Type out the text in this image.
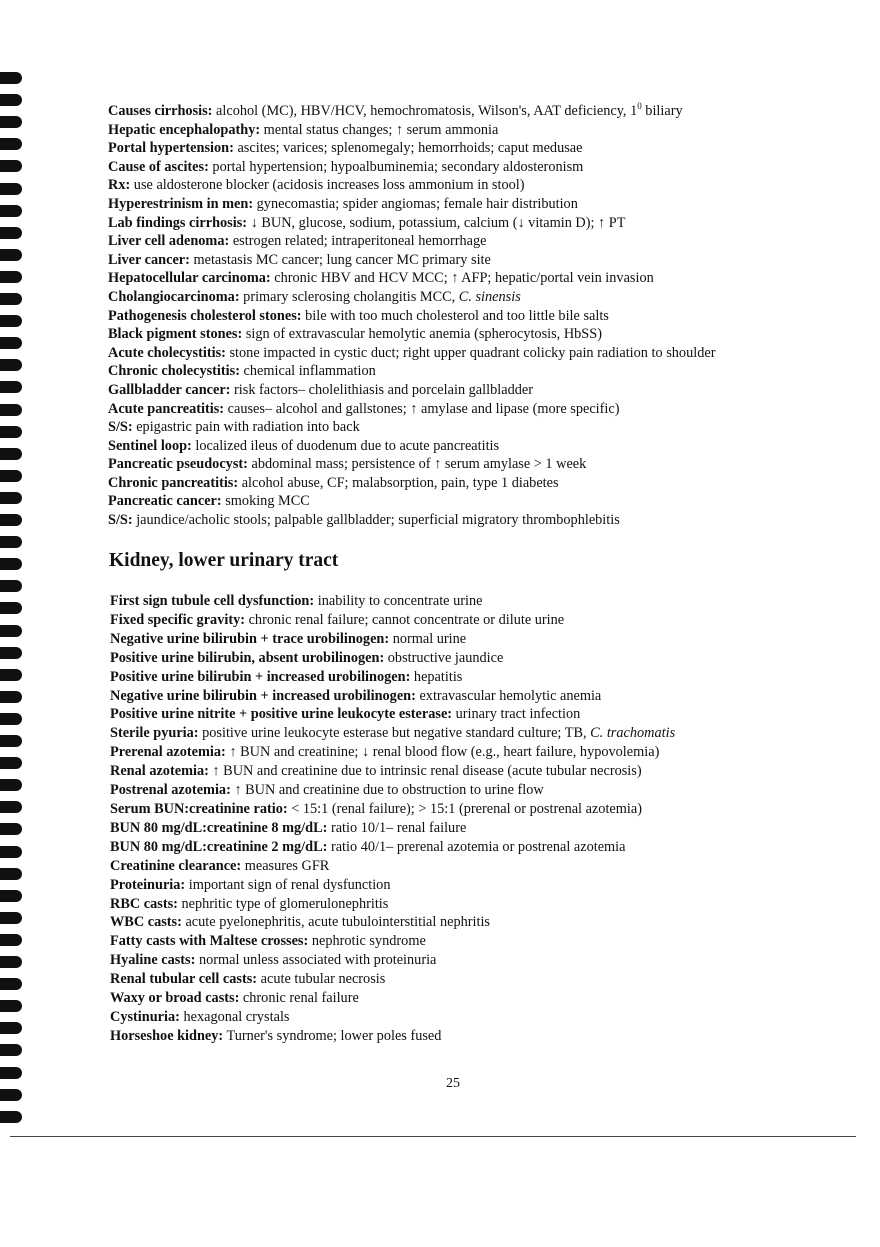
Causes cirrhosis: alcohol (MC), HBV/HCV, hemochromatosis, Wilson's, AAT deficiency, $1^0$ biliary
Hepatic encephalopathy: mental status changes; ↑ serum ammonia
Portal hypertension: ascites; varices; splenomegaly; hemorrhoids; caput medusae
Cause of ascites: portal hypertension; hypoalbuminemia; secondary aldosteronism
Rx: use aldosterone blocker (acidosis increases loss ammonium in stool)
Hyperestrinism in men: gynecomastia; spider angiomas; female hair distribution
Lab findings cirrhosis: ↓ BUN, glucose, sodium, potassium, calcium (↓ vitamin D); ↑ PT
Liver cell adenoma: estrogen related; intraperitoneal hemorrhage
Liver cancer: metastasis MC cancer; lung cancer MC primary site
Hepatocellular carcinoma: chronic HBV and HCV MCC; ↑ AFP; hepatic/portal vein invasion
Cholangiocarcinoma: primary sclerosing cholangitis MCC, C. sinensis
Pathogenesis cholesterol stones: bile with too much cholesterol and too little bile salts
Black pigment stones: sign of extravascular hemolytic anemia (spherocytosis, HbSS)
Acute cholecystitis: stone impacted in cystic duct; right upper quadrant colicky pain radiation to shoulder
Chronic cholecystitis: chemical inflammation
Gallbladder cancer: risk factors– cholelithiasis and porcelain gallbladder
Acute pancreatitis: causes– alcohol and gallstones; ↑ amylase and lipase (more specific)
S/S: epigastric pain with radiation into back
Sentinel loop: localized ileus of duodenum due to acute pancreatitis
Pancreatic pseudocyst: abdominal mass; persistence of ↑ serum amylase > 1 week
Chronic pancreatitis: alcohol abuse, CF; malabsorption, pain, type 1 diabetes
Pancreatic cancer: smoking MCC
S/S: jaundice/acholic stools; palpable gallbladder; superficial migratory thrombophlebitis
Kidney, lower urinary tract
First sign tubule cell dysfunction: inability to concentrate urine
Fixed specific gravity: chronic renal failure; cannot concentrate or dilute urine
Negative urine bilirubin + trace urobilinogen: normal urine
Positive urine bilirubin, absent urobilinogen: obstructive jaundice
Positive urine bilirubin + increased urobilinogen: hepatitis
Negative urine bilirubin + increased urobilinogen: extravascular hemolytic anemia
Positive urine nitrite + positive urine leukocyte esterase: urinary tract infection
Sterile pyuria: positive urine leukocyte esterase but negative standard culture; TB, C. trachomatis
Prerenal azotemia: ↑ BUN and creatinine; ↓ renal blood flow (e.g., heart failure, hypovolemia)
Renal azotemia: ↑ BUN and creatinine due to intrinsic renal disease (acute tubular necrosis)
Postrenal azotemia: ↑ BUN and creatinine due to obstruction to urine flow
Serum BUN:creatinine ratio: < 15:1 (renal failure); > 15:1 (prerenal or postrenal azotemia)
BUN 80 mg/dL:creatinine 8 mg/dL: ratio 10/1– renal failure
BUN 80 mg/dL:creatinine 2 mg/dL: ratio 40/1– prerenal azotemia or postrenal azotemia
Creatinine clearance: measures GFR
Proteinuria: important sign of renal dysfunction
RBC casts: nephritic type of glomerulonephritis
WBC casts: acute pyelonephritis, acute tubulointerstitial nephritis
Fatty casts with Maltese crosses: nephrotic syndrome
Hyaline casts: normal unless associated with proteinuria
Renal tubular cell casts: acute tubular necrosis
Waxy or broad casts: chronic renal failure
Cystinuria: hexagonal crystals
Horseshoe kidney: Turner's syndrome; lower poles fused
25
